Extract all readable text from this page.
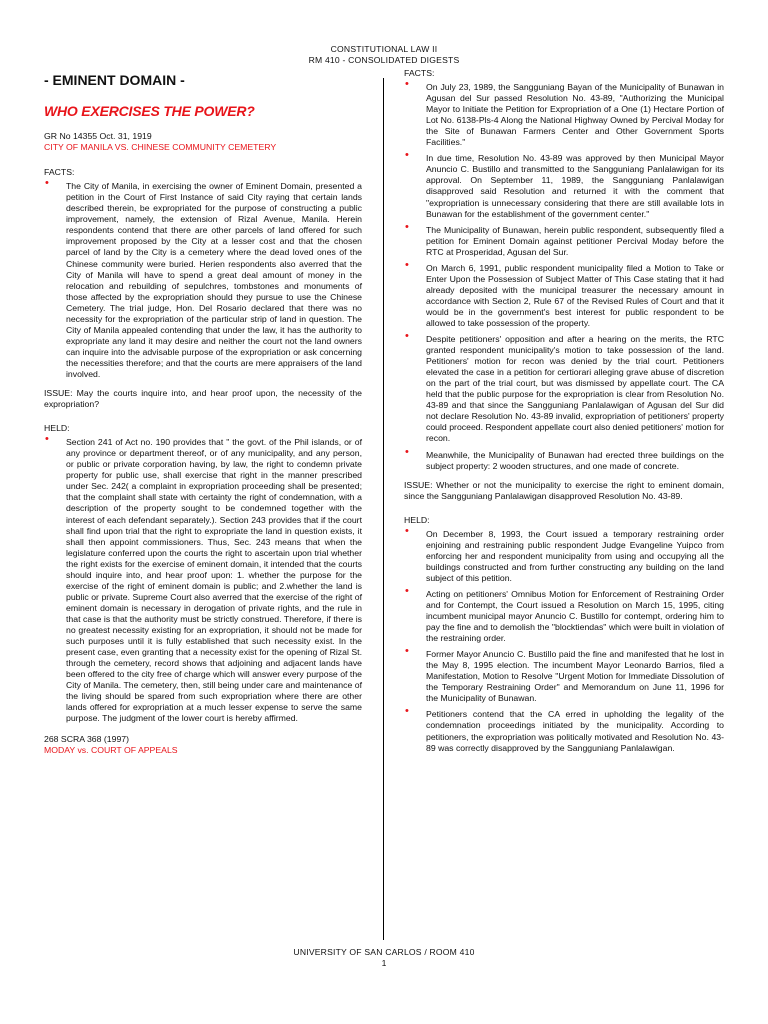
CONSTITUTIONAL LAW II
RM 410 - CONSOLIDATED DIGESTS
- EMINENT DOMAIN -
WHO EXERCISES THE POWER?
GR No 14355 Oct. 31, 1919
CITY OF MANILA VS. CHINESE COMMUNITY CEMETERY
FACTS:
• The City of Manila, in exercising the owner of Eminent Domain, presented a petition in the Court of First Instance of said City raying that certain lands described therein, be expropriated for the purpose of constructing a public improvement, namely, the extension of Rizal Avenue, Manila. Herein respondents contend that there are other parcels of land offered for such improvement proposed by the City at a lesser cost and that the chosen parcel of land by the City is a cemetery where the dead loved ones of the Chinese community were buried. Herien respondents also averred that the City of Manila will have to spend a great deal amount of money in the relocation and rebuilding of sepulchres, tombstones and monuments of those affected by the expropriation should they pursue to use the Chinese Cemetery. The trial judge, Hon. Del Rosario declared that there was no necessity for the expropriation of the particular strip of land in question. The City of Manila appealed contending that under the law, it has the authority to expropriate any land it may desire and neither the court not the land owners can inquire into the advisable purpose of the expropriation or ask concerning the necessities therefore; and that the courts are mere appraisers of the land involved.
ISSUE: May the courts inquire into, and hear proof upon, the necessity of the expropriation?
HELD:
• Section 241 of Act no. 190 provides that " the govt. of the Phil islands, or of any province or department thereof, or of any municipality, and any person, or public or private corporation having, by law, the right to condemn private property for public use, shall exercise that right in the manner prescribed under Sec. 242( a complaint in expropriation proceeding shall be presented; that the complaint shall state with certainty the right of condemnation, with a description of the property sought to be condemned together with the interest of each defendant separately.). Section 243 provides that if the court shall find upon trial that the right to expropriate the land in question exists, it shall then appoint commissioners. Thus, Sec. 243 means that when the legislature conferred upon the courts the right to ascertain upon trial whether the right exists for the exercise of eminent domain, it intended that the courts should inquire into, and hear proof upon: 1. whether the purpose for the exercise of the right of eminent domain is public; and 2.whether the land is public or private. Supreme Court also averred that the exercise of the right of eminent domain is necessary in derogation of private rights, and the rule in that case is that the authority must be strictly construed. Therefore, if there is no greatest necessity existing for an expropriation, it should not be made for such purposes until it is fully established that such necessity exist. In the present case, even granting that a necessity exist for the opening of Rizal St. through the cemetery, record shows that adjoining and adjacent lands have been offered to the city free of charge which will answer every purpose of the City of Manila. The cemetery, then, still being under care and maintenance of the living should be spared from such expropriation where there are other lands offered for expropriation at a much lesser expense to serve the same purpose. The judgment of the lower court is hereby affirmed.
268 SCRA 368 (1997)
MODAY vs. COURT OF APPEALS
FACTS:
• On July 23, 1989, the Sangguniang Bayan of the Municipality of Bunawan in Agusan del Sur passed Resolution No. 43-89, "Authorizing the Municipal Mayor to Initiate the Petition for Expropriation of a One (1) Hectare Portion of Lot No. 6138-Pls-4 Along the National Highway Owned by Percival Moday for the Site of Bunawan Farmers Center and Other Government Sports Facilities."
• In due time, Resolution No. 43-89 was approved by then Municipal Mayor Anuncio C. Bustillo and transmitted to the Sangguniang Panlalawigan for its approval. On September 11, 1989, the Sangguniang Panlalawigan disapproved said Resolution and returned it with the comment that "expropriation is unnecessary considering that there are still available lots in Bunawan for the establishment of the government center."
• The Municipality of Bunawan, herein public respondent, subsequently filed a petition for Eminent Domain against petitioner Percival Moday before the RTC at Prosperidad, Agusan del Sur.
• On March 6, 1991, public respondent municipality filed a Motion to Take or Enter Upon the Possession of Subject Matter of This Case stating that it had already deposited with the municipal treasurer the necessary amount in accordance with Section 2, Rule 67 of the Revised Rules of Court and that it would be in the government's best interest for public respondent to be allowed to take possession of the property.
• Despite petitioners' opposition and after a hearing on the merits, the RTC granted respondent municipality's motion to take possession of the land. Petitioners' motion for recon was denied by the trial court. Petitioners elevated the case in a petition for certiorari alleging grave abuse of discretion on the part of the trial court, but was dismissed by appellate court. The CA held that the public purpose for the expropriation is clear from Resolution No. 43-89 and that since the Sangguniang Panlalawigan of Agusan del Sur did not declare Resolution No. 43-89 invalid, expropriation of petitioners' property could proceed. Respondent appellate court also denied petitioners' motion for recon.
• Meanwhile, the Municipality of Bunawan had erected three buildings on the subject property: 2 wooden structures, and one made of concrete.
ISSUE: Whether or not the municipality to exercise the right to eminent domain, since the Sangguniang Panlalawigan disapproved Resolution No. 43-89.
HELD:
• On December 8, 1993, the Court issued a temporary restraining order enjoining and restraining public respondent Judge Evangeline Yuipco from enforcing her and respondent municipality from using and occupying all the buildings constructed and from further constructing any building on the land subject of this petition.
• Acting on petitioners' Omnibus Motion for Enforcement of Restraining Order and for Contempt, the Court issued a Resolution on March 15, 1995, citing incumbent municipal mayor Anuncio C. Bustillo for contempt, ordering him to pay the fine and to demolish the "blocktiendas" which were built in violation of the restraining order.
• Former Mayor Anuncio C. Bustillo paid the fine and manifested that he lost in the May 8, 1995 election. The incumbent Mayor Leonardo Barrios, filed a Manifestation, Motion to Resolve "Urgent Motion for Immediate Dissolution of the Temporary Restraining Order" and Memorandum on June 11, 1996 for the Municipality of Bunawan.
• Petitioners contend that the CA erred in upholding the legality of the condemnation proceedings initiated by the municipality. According to petitioners, the expropriation was politically motivated and Resolution No. 43-89 was correctly disapproved by the Sangguniang Panlalawigan.
UNIVERSITY OF SAN CARLOS / ROOM 410
1
